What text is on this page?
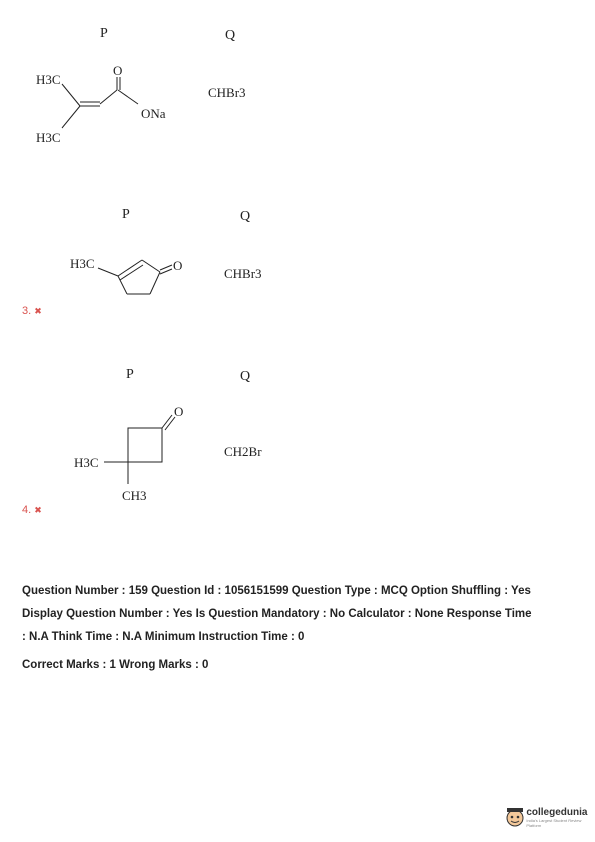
P	Q
H3C
H3C
O
ONa
CHBr3
P	Q
H3C	O
CHBr3
3. ✖
P	Q
O
H3C
CH3
CH2Br
4. ✖
Question Number : 159 Question Id : 1056151599 Question Type : MCQ Option Shuffling : Yes
Display Question Number : Yes Is Question Mandatory : No Calculator : None Response Time
: N.A Think Time : N.A Minimum Instruction Time : 0
Correct Marks : 1 Wrong Marks : 0
collegedunia
India's Largest Student Review Platform
